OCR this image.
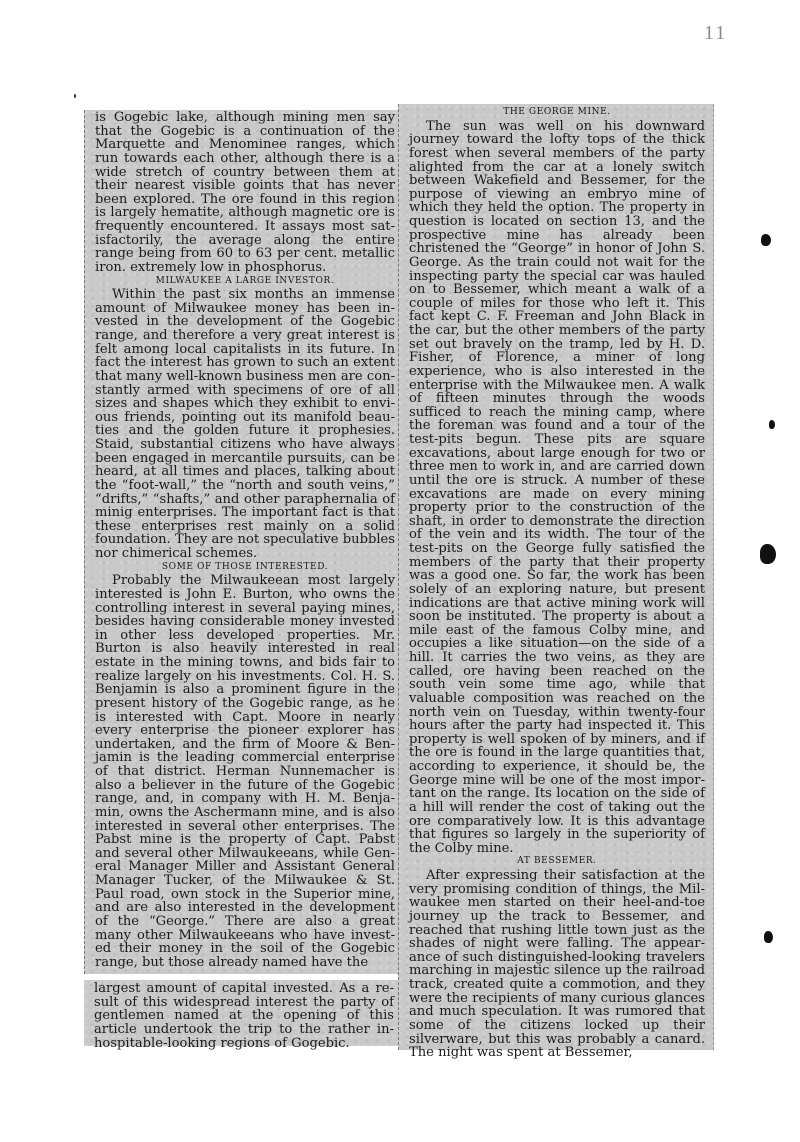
11

is Gogebic lake, although mining men say that the Gogebic is a continuation of the Marquette and Menominee ranges, which run towards each other, although there is a wide stretch of country between them at their nearest visible goints that has never been explored. The ore found in this region is largely hematite, although magnetic ore is frequently encountered. It assays most satisfactorily, the average along the entire range being from 60 to 63 per cent. metallic iron. extremely low in phosphorus.

MILWAUKEE A LARGE INVESTOR.

Within the past six months an immense amount of Milwaukee money has been invested in the development of the Gogebic range, and therefore a very great interest is felt among local capitalists in its future. In fact the interest has grown to such an extent that many well-known business men are constantly armed with specimens of ore of all sizes and shapes which they exhibit to envious friends, pointing out its manifold beauties and the golden future it prophesies. Staid, substantial citizens who have always been engaged in mercantile pursuits, can be heard, at all times and places, talking about the “foot-wall,” the “north and south veins,” “drifts,” “shafts,” and other paraphernalia of minig enterprises. The important fact is that these enterprises rest mainly on a solid foundation. They are not speculative bubbles nor chimerical schemes.

SOME OF THOSE INTERESTED.

Probably the Milwaukeean most largely interested is John E. Burton, who owns the controlling interest in several paying mines, besides having considerable money invested in other less developed properties. Mr. Burton is also heavily interested in real estate in the mining towns, and bids fair to realize largely on his investments. Col. H. S. Benjamin is also a prominent figure in the present history of the Gogebic range, as he is interested with Capt. Moore in nearly every enterprise the pioneer explorer has undertaken, and the firm of Moore & Benjamin is the leading commercial enterprise of that district. Herman Nunnemacher is also a believer in the future of the Gogebic range, and, in company with H. M. Benjamin, owns the Aschermann mine, and is also interested in several other enterprises. The Pabst mine is the property of Capt. Pabst and several other Milwaukeeans, while General Manager Miller and Assistant General Manager Tucker, of the Milwaukee & St. Paul road, own stock in the Superior mine, and are also interested in the development of the “George.” There are also a great many other Milwaukeeans who have invested their money in the soil of the Gogebic range, but those already named have the

largest amount of capital invested. As a result of this widespread interest the party of gentlemen named at the opening of this article undertook the trip to the rather inhospitable-looking regions of Gogebic.

THE GEORGE MINE.

The sun was well on his downward journey toward the lofty tops of the thick forest when several members of the party alighted from the car at a lonely switch between Wakefield and Bessemer, for the purpose of viewing an embryo mine of which they held the option. The property in question is located on section 13, and the prospective mine has already been christened the “George” in honor of John S. George. As the train could not wait for the inspecting party the special car was hauled on to Bessemer, which meant a walk of a couple of miles for those who left it. This fact kept C. F. Freeman and John Black in the car, but the other members of the party set out bravely on the tramp, led by H. D. Fisher, of Florence, a miner of long experience, who is also interested in the enterprise with the Milwaukee men. A walk of fifteen minutes through the woods sufficed to reach the mining camp, where the foreman was found and a tour of the test-pits begun. These pits are square excavations, about large enough for two or three men to work in, and are carried down until the ore is struck. A number of these excavations are made on every mining property prior to the construction of the shaft, in order to demonstrate the direction of the vein and its width. The tour of the test-pits on the George fully satisfied the members of the party that their property was a good one. So far, the work has been solely of an exploring nature, but present indications are that active mining work will soon be instituted. The property is about a mile east of the famous Colby mine, and occupies a like situation—on the side of a hill. It carries the two veins, as they are called, ore having been reached on the south vein some time ago, while that valuable composition was reached on the north vein on Tuesday, within twenty-four hours after the party had inspected it. This property is well spoken of by miners, and if the ore is found in the large quantities that, according to experience, it should be, the George mine will be one of the most important on the range. Its location on the side of a hill will render the cost of taking out the ore comparatively low. It is this advantage that figures so largely in the superiority of the Colby mine.

AT BESSEMER.

After expressing their satisfaction at the very promising condition of things, the Milwaukee men started on their heel-and-toe journey up the track to Bessemer, and reached that rushing little town just as the shades of night were falling. The appearance of such distinguished-looking travelers marching in majestic silence up the railroad track, created quite a commotion, and they were the recipients of many curious glances and much speculation. It was rumored that some of the citizens locked up their silverware, but this was probably a canard. The night was spent at Bessemer,
